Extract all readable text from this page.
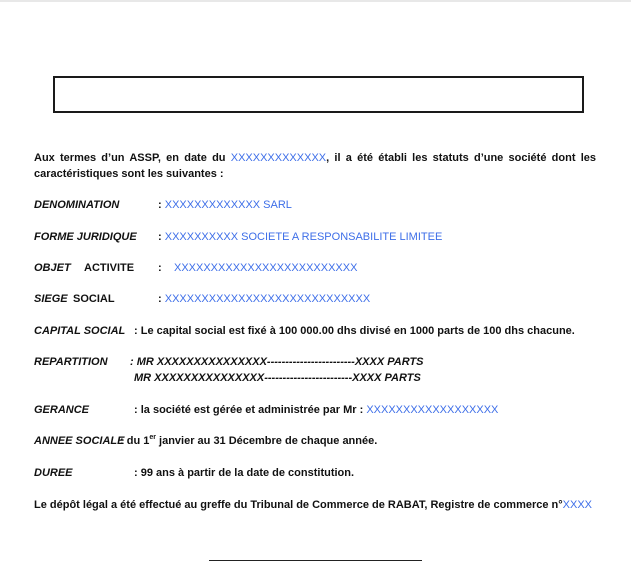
Aux termes d’un ASSP, en date du XXXXXXXXXXXXX, il a été établi les statuts d’une société dont les caractéristiques sont les suivantes :
DENOMINATION	: XXXXXXXXXXXXX SARL
FORME JURIDIQUE : XXXXXXXXXX SOCIETE A RESPONSABILITE LIMITEE
OBJET ACTIVITE : XXXXXXXXXXXXXXXXXXXXXXXXX
SIEGE SOCIAL	: XXXXXXXXXXXXXXXXXXXXXXXXXXXX
CAPITAL SOCIAL : Le capital social est fixé à 100 000.00 dhs divisé en 1000 parts de 100 dhs chacune.
REPARTITION : MR XXXXXXXXXXXXXXX------------------------XXXX PARTS
MR XXXXXXXXXXXXXXX------------------------XXXX PARTS
GERANCE	: la société est gérée et administrée par Mr : XXXXXXXXXXXXXXXXXX
ANNEE SOCIALE
: du 1er janvier au 31 Décembre de chaque année.
DUREE	: 99 ans à partir de la date de constitution.
Le dépôt légal a été effectué au greffe du Tribunal de Commerce de RABAT, Registre de commerce n°XXXX
